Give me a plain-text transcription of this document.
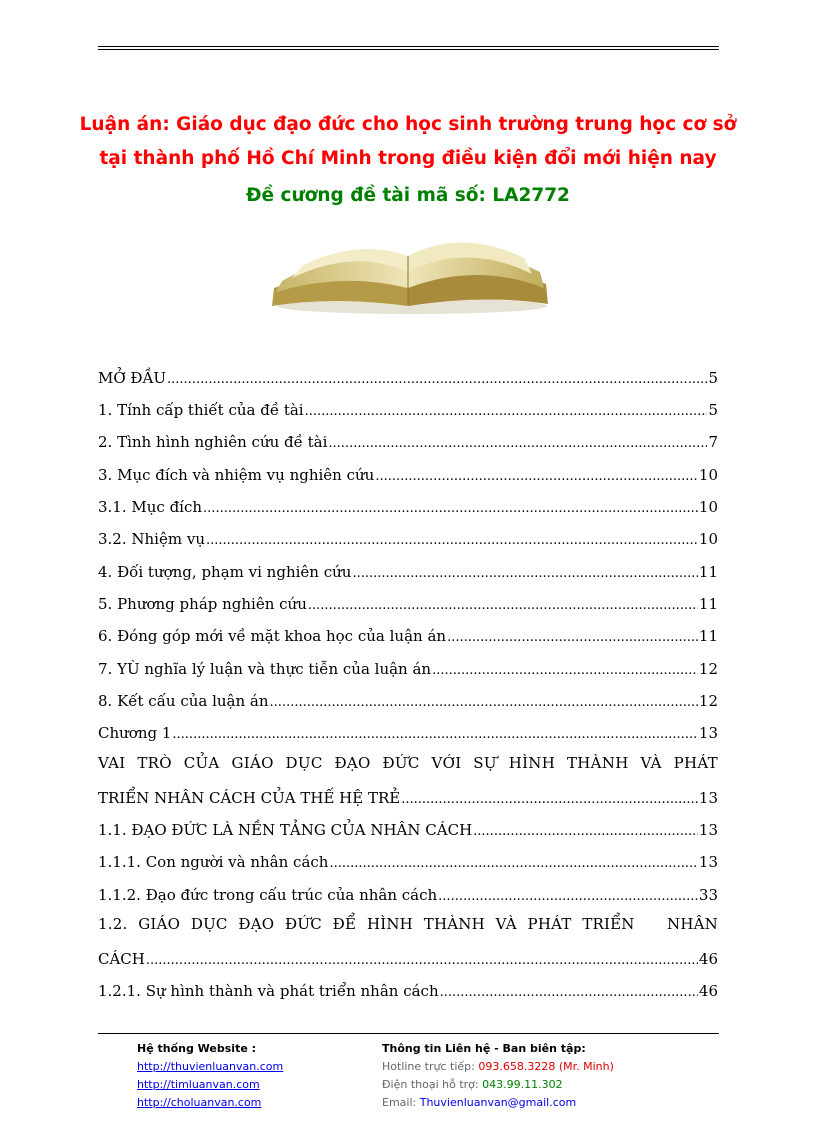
Luận án: Giáo dục đạo đức cho học sinh trường trung học cơ sở
tại thành phố Hồ Chí Minh trong điều kiện đổi mới hiện nay
Đề cương đề tài mã số: LA2772
MỞ ĐẦU .....	5
1. Tính cấp thiết của đề tài .....	5
2. Tình hình nghiên cứu đề tài .....	7
3. Mục đích và nhiệm vụ nghiên cứu .....	10
3.1. Mục đích .....	10
3.2. Nhiệm vụ .....	10
4. Đối tượng, phạm vi nghiên cứu .....	11
5. Phương pháp nghiên cứu .....	11
6. Đóng góp mới về mặt khoa học của luận án .....	11
7. YÙ nghĩa lý luận và thực tiễn của luận án .....	12
8. Kết cấu của luận án .....	12
Chương 1 .....	13
VAI TRÒ CỦA GIÁO DỤC ĐẠO ĐỨC VỚI SỰ HÌNH THÀNH VÀ PHÁT
TRIỂN NHÂN CÁCH CỦA THẾ HỆ TRẺ .....	13
1.1. ĐẠO ĐỨC LÀ NỀN TẢNG CỦA NHÂN CÁCH .....	13
1.1.1. Con người và nhân cách .....	13
1.1.2. Đạo đức trong cấu trúc của nhân cách .....	33
1.2. GIÁO DỤC ĐẠO ĐỨC ĐỂ HÌNH THÀNH VÀ PHÁT TRIỂN   NHÂN
CÁCH .....	46
1.2.1. Sự hình thành và phát triển nhân cách .....	46
Hệ thống Website :
http://thuvienluanvan.com
http://timluanvan.com
http://choluanvan.com
Thông tin Liên hệ - Ban biên tập:
Hotline trực tiếp: 093.658.3228 (Mr. Minh)
Điện thoại hỗ trợ: 043.99.11.302
Email: Thuvienluanvan@gmail.com
